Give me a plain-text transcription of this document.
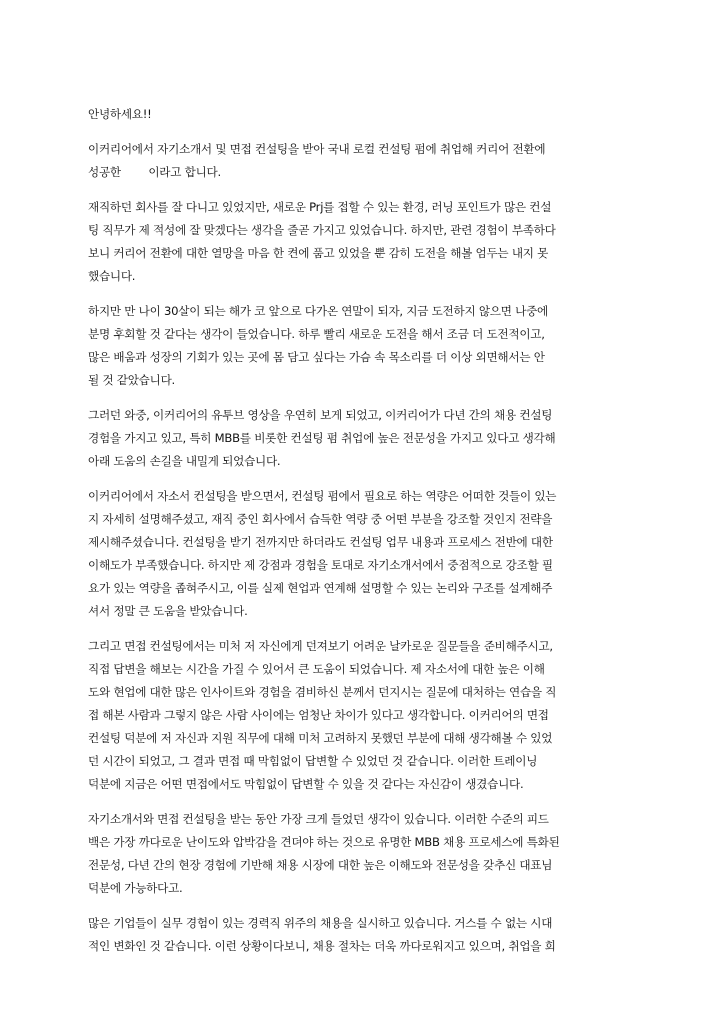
안녕하세요!!

이커리어에서 자기소개서 및 면접 컨설팅을 받아 국내 로컬 컨설팅 펌에 취업해 커리어 전환에
성공한        이라고 합니다.

재직하던 회사를 잘 다니고 있었지만, 새로운 Prj를 접할 수 있는 환경, 러닝 포인트가 많은 컨설
팅 직무가 제 적성에 잘 맞겠다는 생각을 줄곧 가지고 있었습니다. 하지만, 관련 경험이 부족하다
보니 커리어 전환에 대한 열망을 마음 한 켠에 품고 있었을 뿐 감히 도전을 해볼 엄두는 내지 못
했습니다.

하지만 만 나이 30살이 되는 해가 코 앞으로 다가온 연말이 되자, 지금 도전하지 않으면 나중에
분명 후회할 것 같다는 생각이 들었습니다. 하루 빨리 새로운 도전을 해서 조금 더 도전적이고,
많은 배움과 성장의 기회가 있는 곳에 몸 담고 싶다는 가슴 속 목소리를 더 이상 외면해서는 안
될 것 같았습니다.

그러던 와중, 이커리어의 유투브 영상을 우연히 보게 되었고, 이커리어가 다년 간의 채용 컨설팅
경험을 가지고 있고, 특히 MBB를 비롯한 컨설팅 펌 취업에 높은 전문성을 가지고 있다고 생각해
아래 도움의 손길을 내밀게 되었습니다.

이커리어에서 자소서 컨설팅을 받으면서, 컨설팅 펌에서 필요로 하는 역량은 어떠한 것들이 있는
지 자세히 설명해주셨고, 재직 중인 회사에서 습득한 역량 중 어떤 부분을 강조할 것인지 전략을
제시해주셨습니다. 컨설팅을 받기 전까지만 하더라도 컨설팅 업무 내용과 프로세스 전반에 대한
이해도가 부족했습니다. 하지만 제 강점과 경험을 토대로 자기소개서에서 중점적으로 강조할 필
요가 있는 역량을 좁혀주시고, 이를 실제 현업과 연계해 설명할 수 있는 논리와 구조를 설계해주
셔서 정말 큰 도움을 받았습니다.

그리고 면접 컨설팅에서는 미처 저 자신에게 던져보기 어려운 날카로운 질문들을 준비해주시고,
직접 답변을 해보는 시간을 가질 수 있어서 큰 도움이 되었습니다. 제 자소서에 대한 높은 이해
도와 현업에 대한 많은 인사이트와 경험을 겸비하신 분께서 던지시는 질문에 대처하는 연습을 직
접 해본 사람과 그렇지 않은 사람 사이에는 엄청난 차이가 있다고 생각합니다. 이커리어의 면접
컨설팅 덕분에 저 자신과 지원 직무에 대해 미처 고려하지 못했던 부분에 대해 생각해볼 수 있었
던 시간이 되었고, 그 결과 면접 때 막힘없이 답변할 수 있었던 것 같습니다. 이러한 트레이닝
덕분에 지금은 어떤 면접에서도 막힘없이 답변할 수 있을 것 같다는 자신감이 생겼습니다.

자기소개서와 면접 컨설팅을 받는 동안 가장 크게 들었던 생각이 있습니다. 이러한 수준의 피드
백은 가장 까다로운 난이도와 압박감을 견뎌야 하는 것으로 유명한 MBB 채용 프로세스에 특화된
전문성, 다년 간의 현장 경험에 기반해 채용 시장에 대한 높은 이해도와 전문성을 갖추신 대표님
덕분에 가능하다고.

많은 기업들이 실무 경험이 있는 경력직 위주의 채용을 실시하고 있습니다. 거스를 수 없는 시대
적인 변화인 것 같습니다. 이런 상황이다보니, 채용 절차는 더욱 까다로워지고 있으며, 취업을 희
